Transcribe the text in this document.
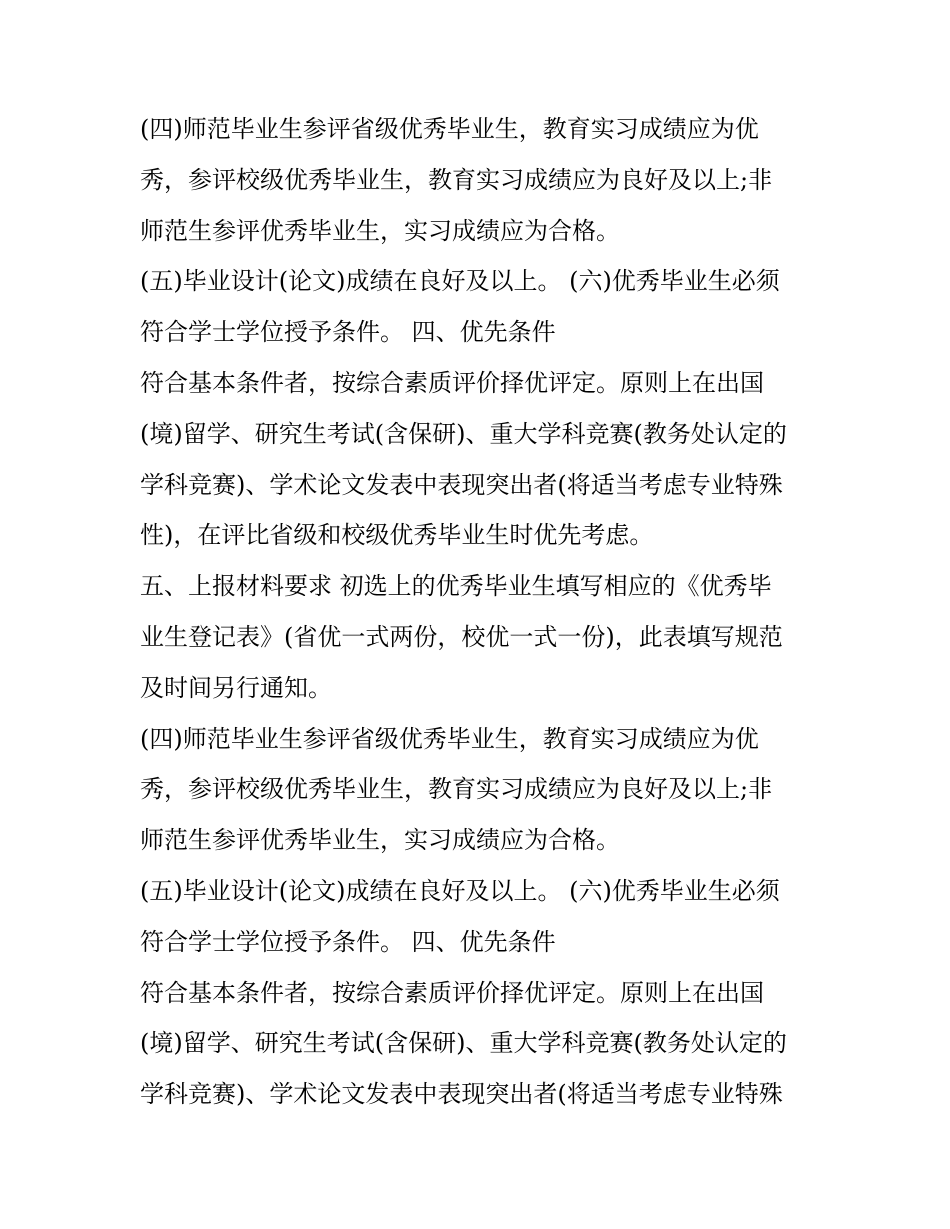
(四)师范毕业生参评省级优秀毕业生，教育实习成绩应为优
秀，参评校级优秀毕业生，教育实习成绩应为良好及以上;非
师范生参评优秀毕业生，实习成绩应为合格。
(五)毕业设计(论文)成绩在良好及以上。 (六)优秀毕业生必须
符合学士学位授予条件。 四、优先条件
符合基本条件者，按综合素质评价择优评定。原则上在出国
(境)留学、研究生考试(含保研)、重大学科竞赛(教务处认定的
学科竞赛)、学术论文发表中表现突出者(将适当考虑专业特殊
性)，在评比省级和校级优秀毕业生时优先考虑。
五、上报材料要求 初选上的优秀毕业生填写相应的《优秀毕
业生登记表》(省优一式两份，校优一式一份)，此表填写规范
及时间另行通知。
(四)师范毕业生参评省级优秀毕业生，教育实习成绩应为优
秀，参评校级优秀毕业生，教育实习成绩应为良好及以上;非
师范生参评优秀毕业生，实习成绩应为合格。
(五)毕业设计(论文)成绩在良好及以上。 (六)优秀毕业生必须
符合学士学位授予条件。 四、优先条件
符合基本条件者，按综合素质评价择优评定。原则上在出国
(境)留学、研究生考试(含保研)、重大学科竞赛(教务处认定的
学科竞赛)、学术论文发表中表现突出者(将适当考虑专业特殊
